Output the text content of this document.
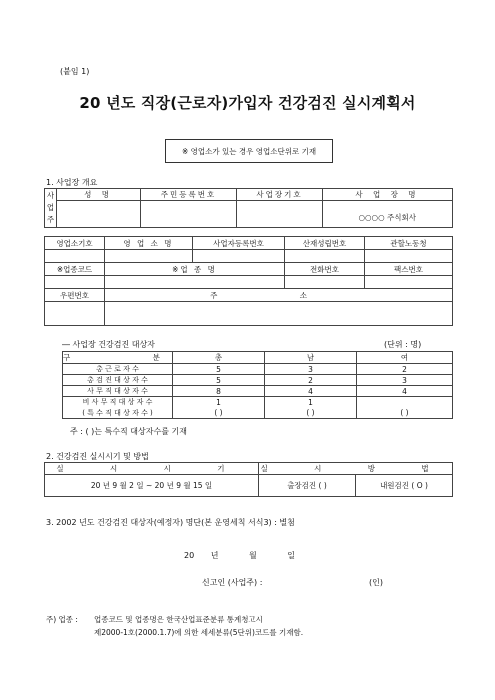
(붙임 1)
20 년도 직장(근로자)가입자 건강검진 실시계획서
※ 영업소가 있는 경우 영업소단위로 기재
1. 사업장 개요
사
업
주	성 명	주민등록번호	사업장기호	사 업 장 명
				○○○○ 주식회사
영업소기호	영 업 소 명	사업자등록번호	산재성립번호	관할노동청

※업종코드	※업 종 명		전화번호	팩스번호

우편번호	주 소			

― 사업장 건강검진 대상자	(단위 : 명)
구 분	총	남	여
총 근 로 자 수	5	3	2
총 검 진 대 상 자 수	5	2	3
사 무 직 대 상 자 수	8	4	4
비 사 무 직 대 상 자 수	1	1	
( 특 수 직 대 상 자 수 )	( )	( )	( )
주 : ( )는 특수직 대상자수를 기재
2. 건강검진 실시시기 및 방법
실 시 시 기	실 시 방 법	
20 년 9 월 2 일 ~ 20 년 9 월 15 일	출장검진 ( )	내원검진 ( O )
3. 2002 년도 건강검진 대상자(예정자) 명단(본 운영세칙 서식3) : 별첨
20 년	월	일
신고인 (사업주) :	(인)
주) 업종 : 업종코드 및 업종명은 한국산업표준분류 통계청고시
제2000-1호(2000.1.7)에 의한 세세분류(5단위)코드를 기재함.
